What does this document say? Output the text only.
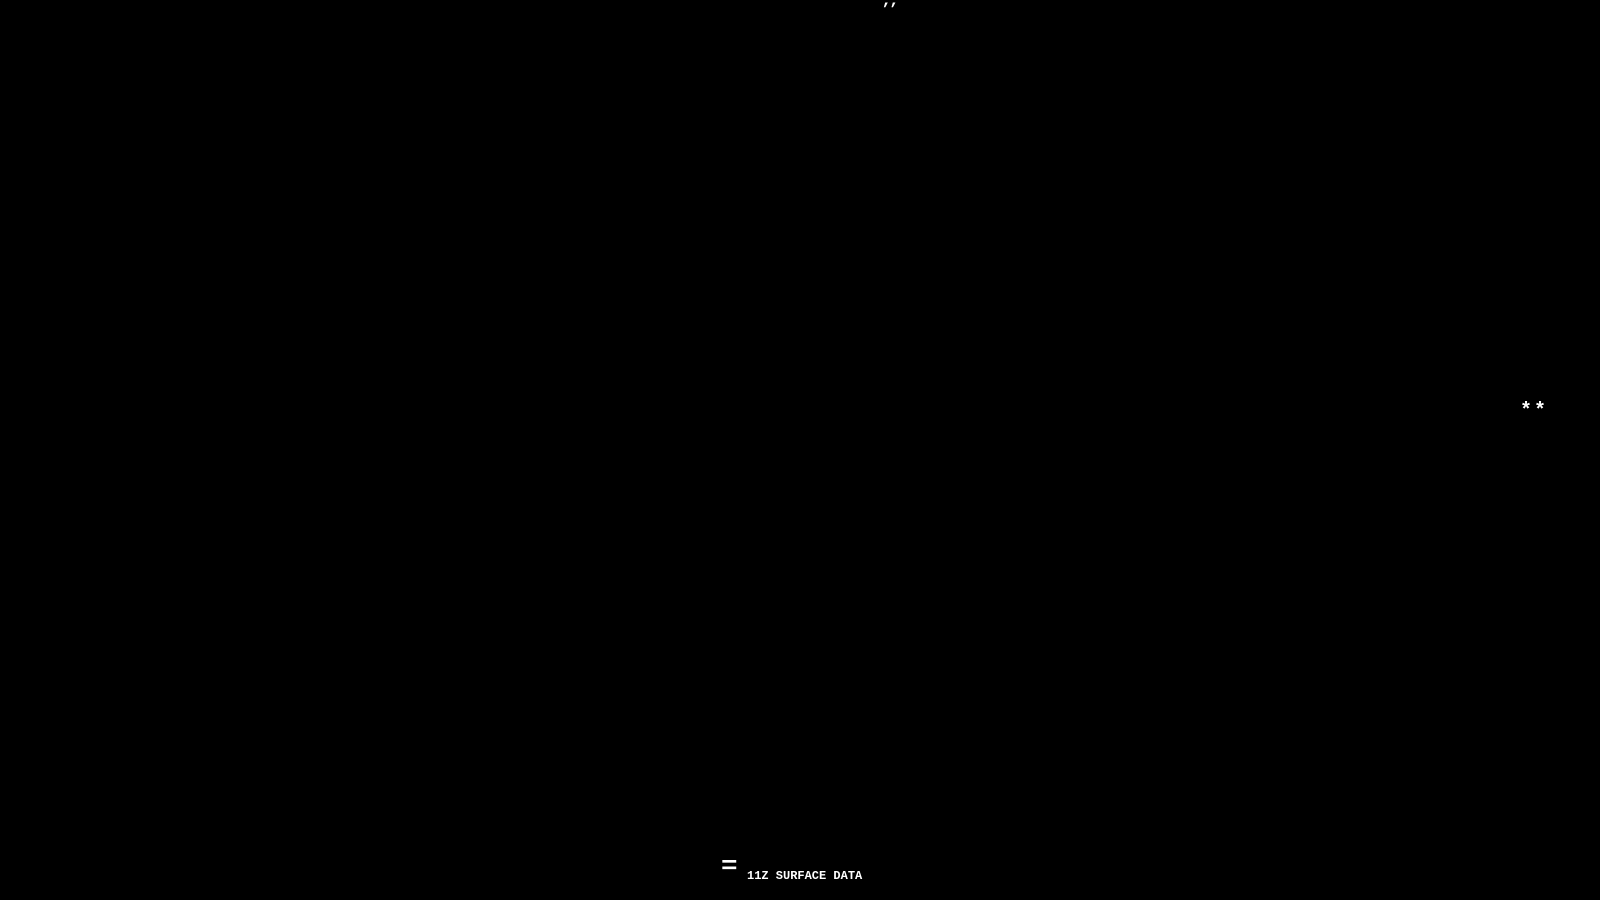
’’
**
= 11Z SURFACE DATA
